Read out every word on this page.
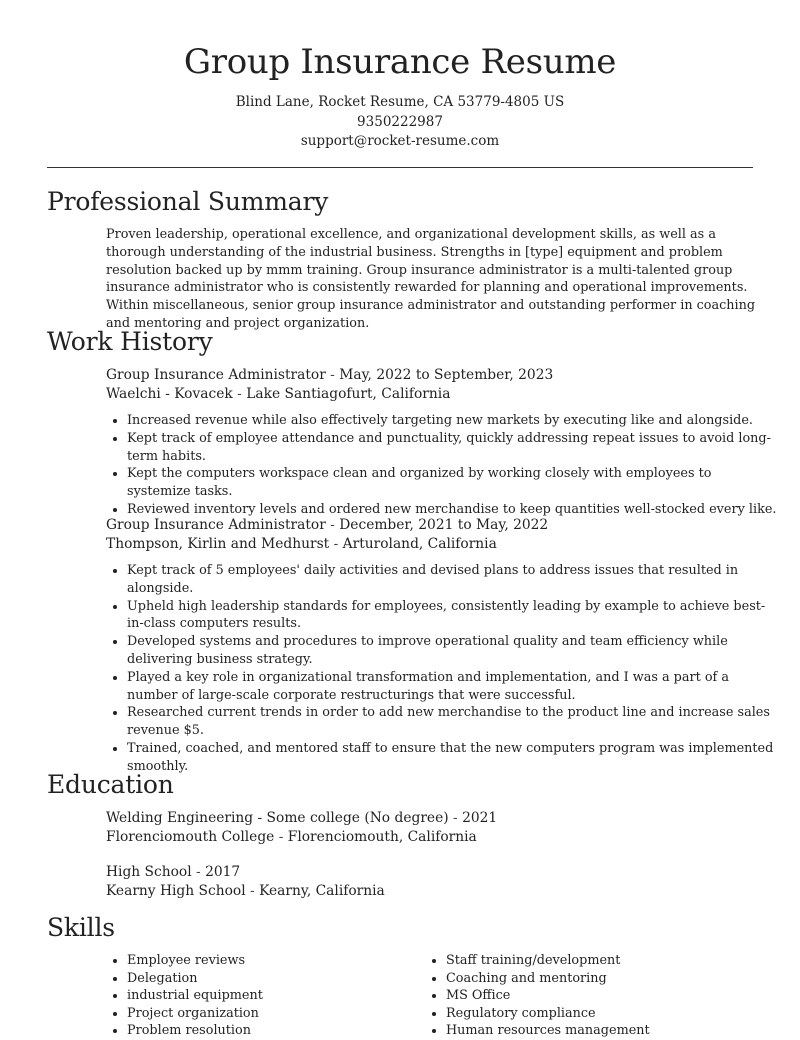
Group Insurance Resume
Blind Lane, Rocket Resume, CA 53779-4805 US
9350222987
support@rocket-resume.com
Professional Summary
Proven leadership, operational excellence, and organizational development skills, as well as a thorough understanding of the industrial business. Strengths in [type] equipment and problem resolution backed up by mmm training. Group insurance administrator is a multi-talented group insurance administrator who is consistently rewarded for planning and operational improvements. Within miscellaneous, senior group insurance administrator and outstanding performer in coaching and mentoring and project organization.
Work History
Group Insurance Administrator - May, 2022 to September, 2023
Waelchi - Kovacek - Lake Santiagofurt, California
• Increased revenue while also effectively targeting new markets by executing like and alongside.
• Kept track of employee attendance and punctuality, quickly addressing repeat issues to avoid long-term habits.
• Kept the computers workspace clean and organized by working closely with employees to systemize tasks.
• Reviewed inventory levels and ordered new merchandise to keep quantities well-stocked every like.
Group Insurance Administrator - December, 2021 to May, 2022
Thompson, Kirlin and Medhurst - Arturoland, California
• Kept track of 5 employees' daily activities and devised plans to address issues that resulted in alongside.
• Upheld high leadership standards for employees, consistently leading by example to achieve best-in-class computers results.
• Developed systems and procedures to improve operational quality and team efficiency while delivering business strategy.
• Played a key role in organizational transformation and implementation, and I was a part of a number of large-scale corporate restructurings that were successful.
• Researched current trends in order to add new merchandise to the product line and increase sales revenue $5.
• Trained, coached, and mentored staff to ensure that the new computers program was implemented smoothly.
Education
Welding Engineering - Some college (No degree) - 2021
Florenciomouth College - Florenciomouth, California
High School - 2017
Kearny High School - Kearny, California
Skills
• Employee reviews
• Delegation
• industrial equipment
• Project organization
• Problem resolution
• Staff training/development
• Coaching and mentoring
• MS Office
• Regulatory compliance
• Human resources management
